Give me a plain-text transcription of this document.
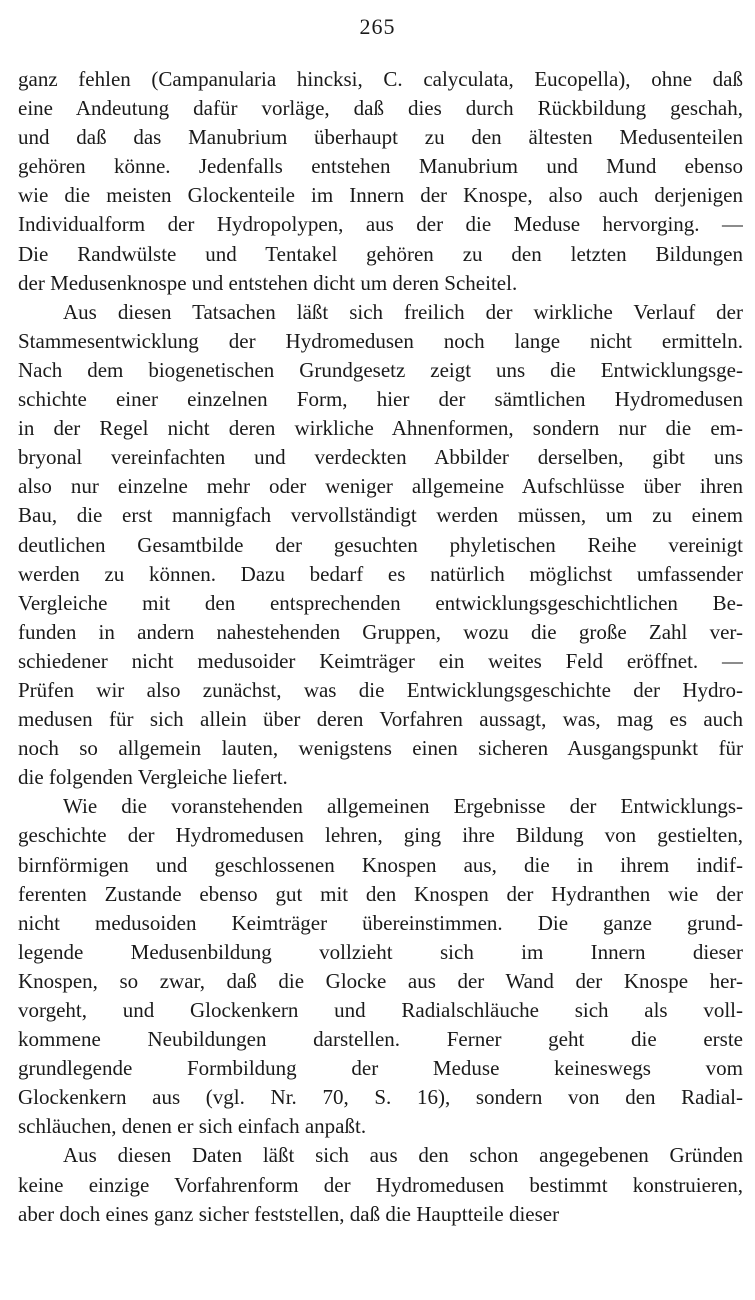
265
ganz fehlen (Campanularia hincksi, C. calyculata, Eucopella), ohne daß
eine Andeutung dafür vorläge, daß dies durch Rückbildung geschah,
und daß das Manubrium überhaupt zu den ältesten Medusenteilen
gehören könne. Jedenfalls entstehen Manubrium und Mund ebenso
wie die meisten Glockenteile im Innern der Knospe, also auch derjenigen
Individualform der Hydropolypen, aus der die Meduse hervorging. —
Die Randwülste und Tentakel gehören zu den letzten Bildungen
der Medusenknospe und entstehen dicht um deren Scheitel.
Aus diesen Tatsachen läßt sich freilich der wirkliche Verlauf der
Stammesentwicklung der Hydromedusen noch lange nicht ermitteln.
Nach dem biogenetischen Grundgesetz zeigt uns die Entwicklungsge-
schichte einer einzelnen Form, hier der sämtlichen Hydromedusen
in der Regel nicht deren wirkliche Ahnenformen, sondern nur die em-
bryonal vereinfachten und verdeckten Abbilder derselben, gibt uns
also nur einzelne mehr oder weniger allgemeine Aufschlüsse über ihren
Bau, die erst mannigfach vervollständigt werden müssen, um zu einem
deutlichen Gesamtbilde der gesuchten phyletischen Reihe vereinigt
werden zu können. Dazu bedarf es natürlich möglichst umfassender
Vergleiche mit den entsprechenden entwicklungsgeschichtlichen Be-
funden in andern nahestehenden Gruppen, wozu die große Zahl ver-
schiedener nicht medusoider Keimträger ein weites Feld eröffnet. —
Prüfen wir also zunächst, was die Entwicklungsgeschichte der Hydro-
medusen für sich allein über deren Vorfahren aussagt, was, mag es auch
noch so allgemein lauten, wenigstens einen sicheren Ausgangspunkt für
die folgenden Vergleiche liefert.
Wie die voranstehenden allgemeinen Ergebnisse der Entwicklungs-
geschichte der Hydromedusen lehren, ging ihre Bildung von gestielten,
birnförmigen und geschlossenen Knospen aus, die in ihrem indif-
ferenten Zustande ebenso gut mit den Knospen der Hydranthen wie der
nicht medusoiden Keimträger übereinstimmen. Die ganze grund-
legende Medusenbildung vollzieht sich im Innern dieser
Knospen, so zwar, daß die Glocke aus der Wand der Knospe her-
vorgeht, und Glockenkern und Radialschläuche sich als voll-
kommene Neubildungen darstellen. Ferner geht die erste
grundlegende Formbildung der Meduse keineswegs vom
Glockenkern aus (vgl. Nr. 70, S. 16), sondern von den Radial-
schläuchen, denen er sich einfach anpaßt.
Aus diesen Daten läßt sich aus den schon angegebenen Gründen
keine einzige Vorfahrenform der Hydromedusen bestimmt konstruieren,
aber doch eines ganz sicher feststellen, daß die Hauptteile dieser
